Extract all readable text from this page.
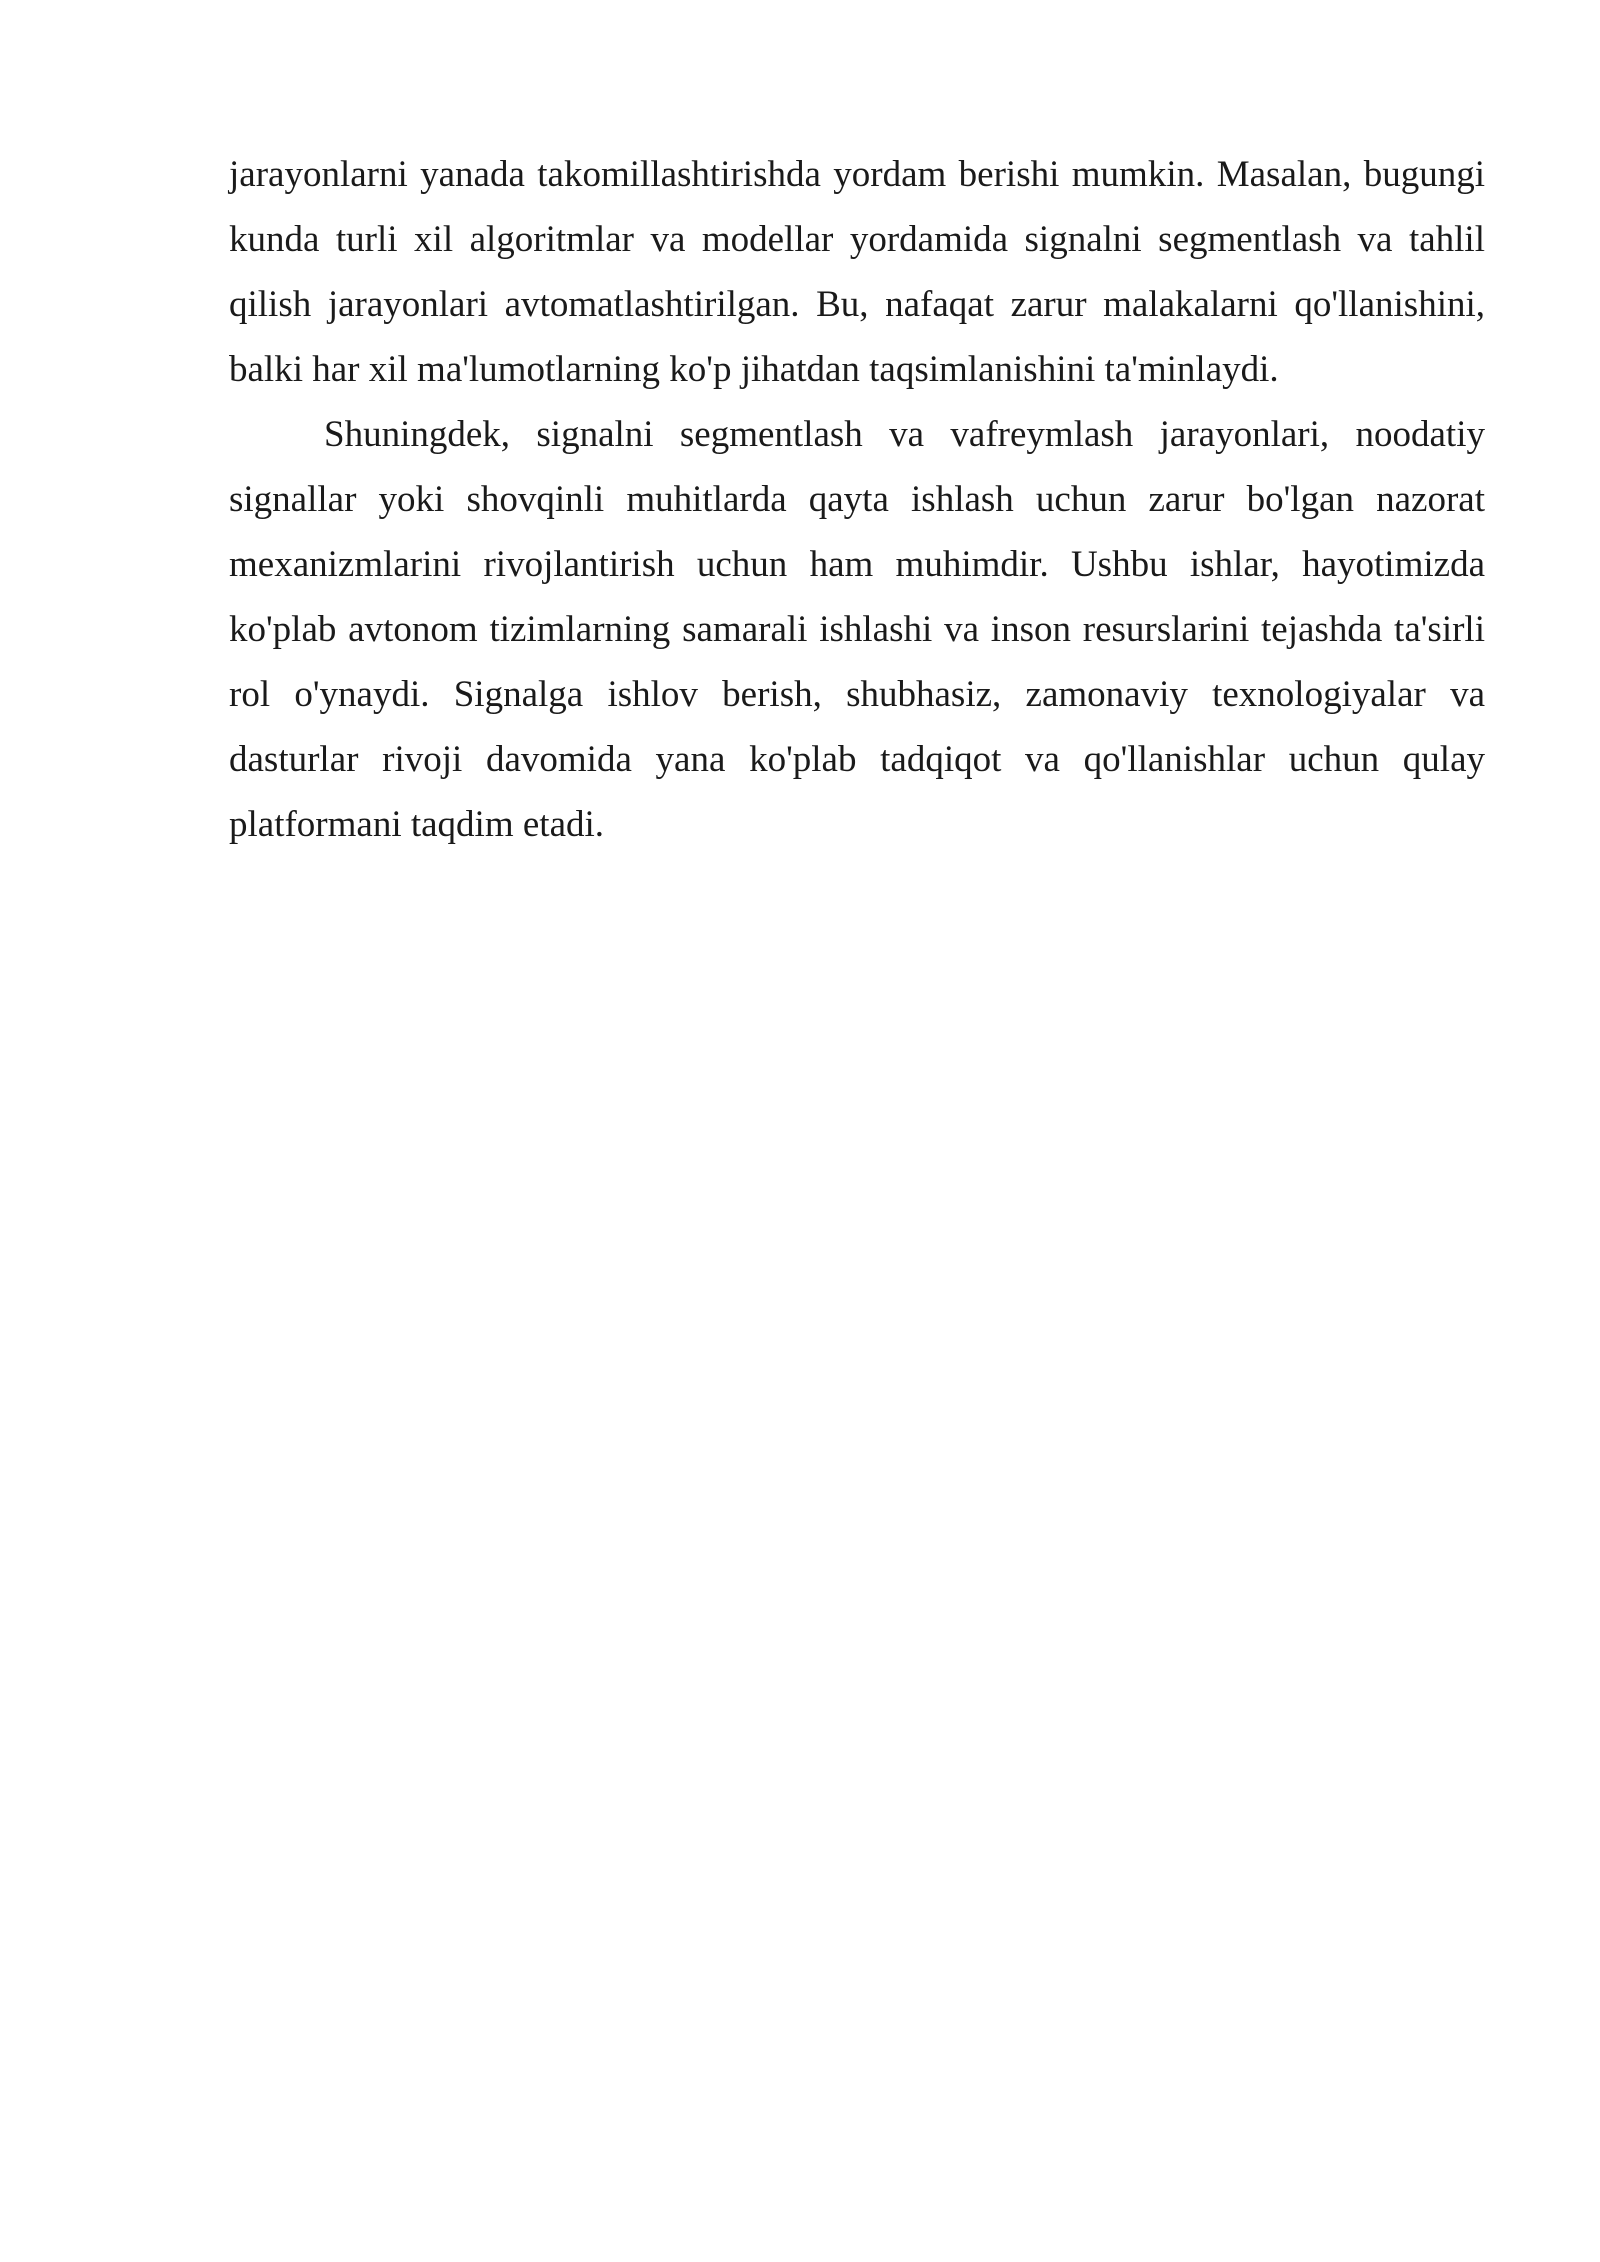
jarayonlarni yanada takomillashtirishda yordam berishi mumkin. Masalan, bugungi kunda turli xil algoritmlar va modellar yordamida signalni segmentlash va tahlil qilish jarayonlari avtomatlashtirilgan. Bu, nafaqat zarur malakalarni qo'llanishini, balki har xil ma'lumotlarning ko'p jihatdan taqsimlanishini ta'minlaydi.

Shuningdek, signalni segmentlash va vafreymlash jarayonlari, noodatiy signallar yoki shovqinli muhitlarda qayta ishlash uchun zarur bo'lgan nazorat mexanizmlarini rivojlantirish uchun ham muhimdir. Ushbu ishlar, hayotimizda ko'plab avtonom tizimlarning samarali ishlashi va inson resurslarini tejashda ta'sirli rol o'ynaydi. Signalga ishlov berish, shubhasiz, zamonaviy texnologiyalar va dasturlar rivoji davomida yana ko'plab tadqiqot va qo'llanishlar uchun qulay platformani taqdim etadi.
